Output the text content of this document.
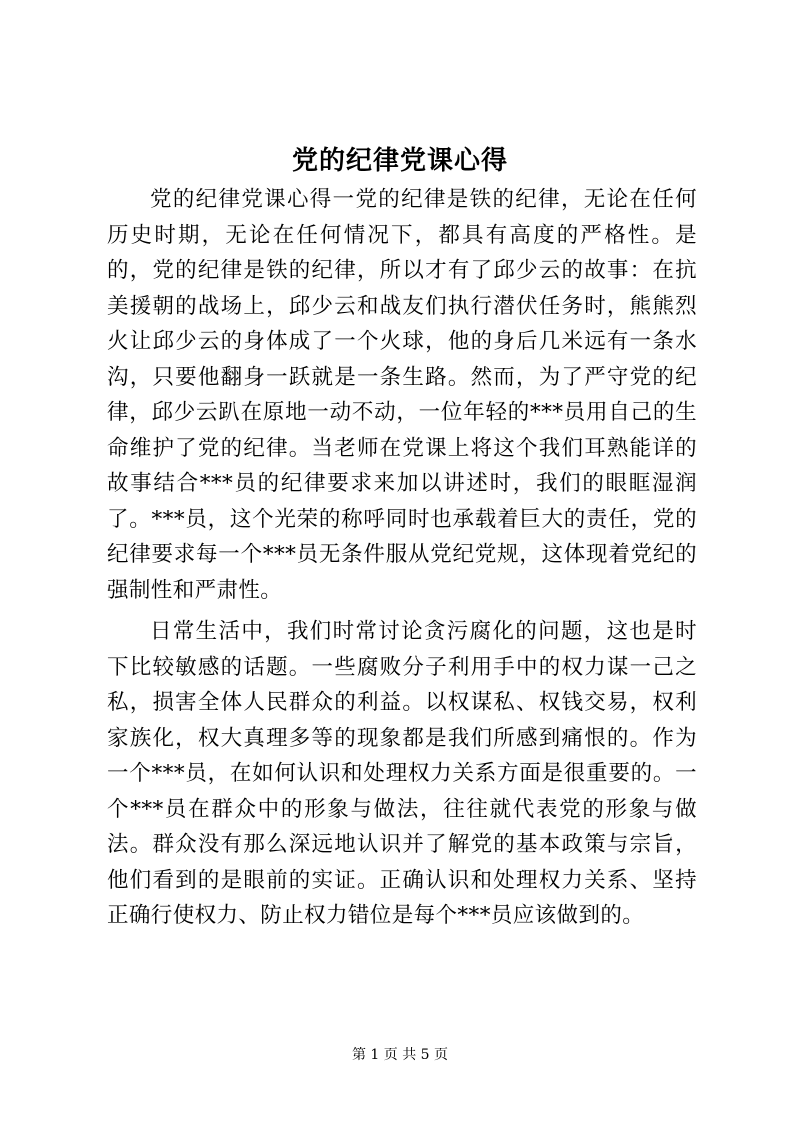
党的纪律党课心得

党的纪律党课心得一党的纪律是铁的纪律，无论在任何历史时期，无论在任何情况下，都具有高度的严格性。是的，党的纪律是铁的纪律，所以才有了邱少云的故事：在抗美援朝的战场上，邱少云和战友们执行潜伏任务时，熊熊烈火让邱少云的身体成了一个火球，他的身后几米远有一条水沟，只要他翻身一跃就是一条生路。然而，为了严守党的纪律，邱少云趴在原地一动不动，一位年轻的***员用自己的生命维护了党的纪律。当老师在党课上将这个我们耳熟能详的故事结合***员的纪律要求来加以讲述时，我们的眼眶湿润了。***员，这个光荣的称呼同时也承载着巨大的责任，党的纪律要求每一个***员无条件服从党纪党规，这体现着党纪的强制性和严肃性。

日常生活中，我们时常讨论贪污腐化的问题，这也是时下比较敏感的话题。一些腐败分子利用手中的权力谋一己之私，损害全体人民群众的利益。以权谋私、权钱交易，权利家族化，权大真理多等的现象都是我们所感到痛恨的。作为一个***员，在如何认识和处理权力关系方面是很重要的。一个***员在群众中的形象与做法，往往就代表党的形象与做法。群众没有那么深远地认识并了解党的基本政策与宗旨，他们看到的是眼前的实证。正确认识和处理权力关系、坚持正确行使权力、防止权力错位是每个***员应该做到的。

第 1 页 共 5 页
